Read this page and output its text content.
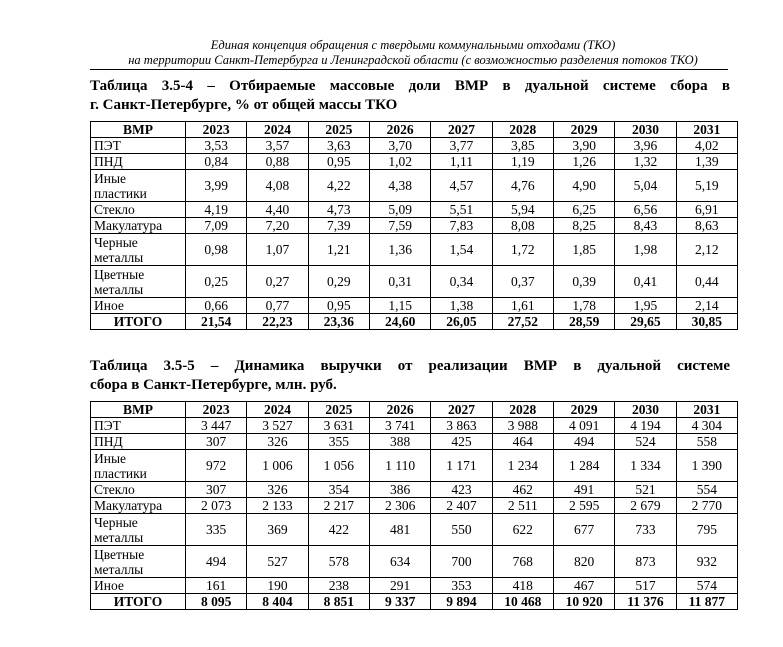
Единая концепция обращения с твердыми коммунальными отходами (ТКО)
на территории Санкт-Петербурга и Ленинградской области (с возможностью разделения потоков ТКО)
Таблица 3.5-4 – Отбираемые массовые доли ВМР в дуальной системе сбора в
г. Санкт-Петербурге, % от общей массы ТКО
ВМР	2023	2024	2025	2026	2027	2028	2029	2030	2031
ПЭТ	3,53	3,57	3,63	3,70	3,77	3,85	3,90	3,96	4,02
ПНД	0,84	0,88	0,95	1,02	1,11	1,19	1,26	1,32	1,39
Иные пластики	3,99	4,08	4,22	4,38	4,57	4,76	4,90	5,04	5,19
Стекло	4,19	4,40	4,73	5,09	5,51	5,94	6,25	6,56	6,91
Макулатура	7,09	7,20	7,39	7,59	7,83	8,08	8,25	8,43	8,63
Черные металлы	0,98	1,07	1,21	1,36	1,54	1,72	1,85	1,98	2,12
Цветные металлы	0,25	0,27	0,29	0,31	0,34	0,37	0,39	0,41	0,44
Иное	0,66	0,77	0,95	1,15	1,38	1,61	1,78	1,95	2,14
ИТОГО	21,54	22,23	23,36	24,60	26,05	27,52	28,59	29,65	30,85
Таблица 3.5-5 – Динамика выручки от реализации ВМР в дуальной системе
сбора в Санкт-Петербурге, млн. руб.
ВМР	2023	2024	2025	2026	2027	2028	2029	2030	2031
ПЭТ	3 447	3 527	3 631	3 741	3 863	3 988	4 091	4 194	4 304
ПНД	307	326	355	388	425	464	494	524	558
Иные пластики	972	1 006	1 056	1 110	1 171	1 234	1 284	1 334	1 390
Стекло	307	326	354	386	423	462	491	521	554
Макулатура	2 073	2 133	2 217	2 306	2 407	2 511	2 595	2 679	2 770
Черные металлы	335	369	422	481	550	622	677	733	795
Цветные металлы	494	527	578	634	700	768	820	873	932
Иное	161	190	238	291	353	418	467	517	574
ИТОГО	8 095	8 404	8 851	9 337	9 894	10 468	10 920	11 376	11 877
